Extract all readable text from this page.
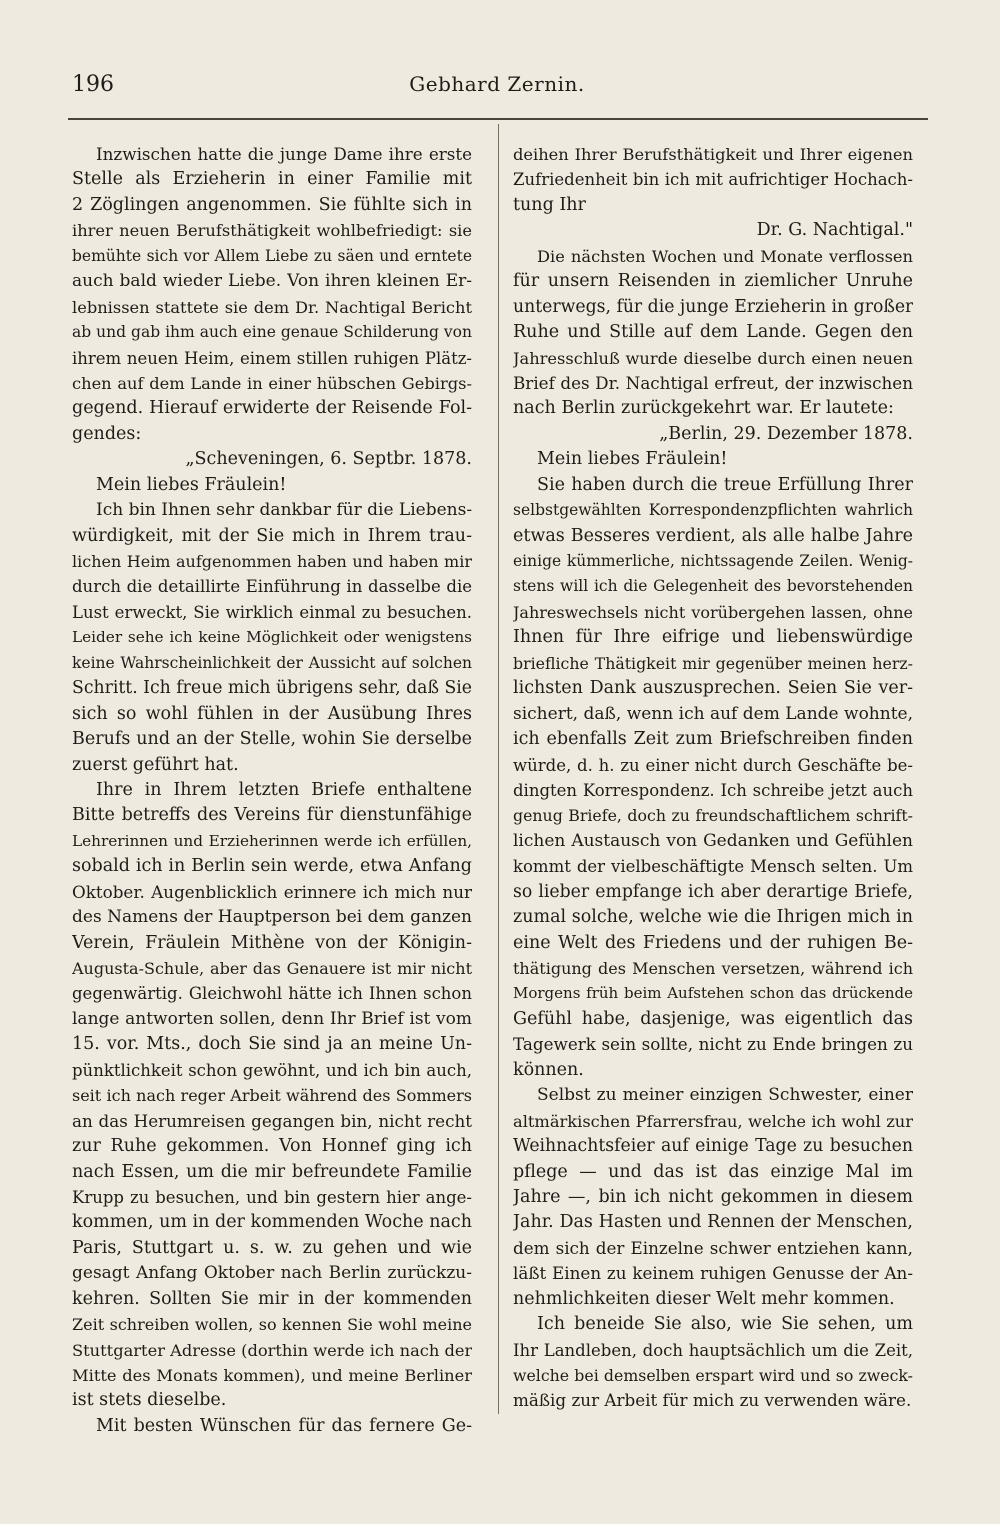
196	Gebhard Zernin.
Inzwischen hatte die junge Dame ihre erste
Stelle als Erzieherin in einer Familie mit
2 Zöglingen angenommen. Sie fühlte sich in
ihrer neuen Berufsthätigkeit wohlbefriedigt: sie
bemühte sich vor Allem Liebe zu säen und erntete
auch bald wieder Liebe. Von ihren kleinen Er-
lebnissen stattete sie dem Dr. Nachtigal Bericht
ab und gab ihm auch eine genaue Schilderung von
ihrem neuen Heim, einem stillen ruhigen Plätz-
chen auf dem Lande in einer hübschen Gebirgs-
gegend. Hierauf erwiderte der Reisende Fol-
gendes:
„Scheveningen, 6. Septbr. 1878.
Mein liebes Fräulein!
Ich bin Ihnen sehr dankbar für die Liebens-
würdigkeit, mit der Sie mich in Ihrem trau-
lichen Heim aufgenommen haben und haben mir
durch die detaillirte Einführung in dasselbe die
Lust erweckt, Sie wirklich einmal zu besuchen.
Leider sehe ich keine Möglichkeit oder wenigstens
keine Wahrscheinlichkeit der Aussicht auf solchen
Schritt. Ich freue mich übrigens sehr, daß Sie
sich so wohl fühlen in der Ausübung Ihres
Berufs und an der Stelle, wohin Sie derselbe
zuerst geführt hat.
Ihre in Ihrem letzten Briefe enthaltene
Bitte betreffs des Vereins für dienstunfähige
Lehrerinnen und Erzieherinnen werde ich erfüllen,
sobald ich in Berlin sein werde, etwa Anfang
Oktober. Augenblicklich erinnere ich mich nur
des Namens der Hauptperson bei dem ganzen
Verein, Fräulein Mithène von der Königin-
Augusta-Schule, aber das Genauere ist mir nicht
gegenwärtig. Gleichwohl hätte ich Ihnen schon
lange antworten sollen, denn Ihr Brief ist vom
15. vor. Mts., doch Sie sind ja an meine Un-
pünktlichkeit schon gewöhnt, und ich bin auch,
seit ich nach reger Arbeit während des Sommers
an das Herumreisen gegangen bin, nicht recht
zur Ruhe gekommen. Von Honnef ging ich
nach Essen, um die mir befreundete Familie
Krupp zu besuchen, und bin gestern hier ange-
kommen, um in der kommenden Woche nach
Paris, Stuttgart u. s. w. zu gehen und wie
gesagt Anfang Oktober nach Berlin zurückzu-
kehren. Sollten Sie mir in der kommenden
Zeit schreiben wollen, so kennen Sie wohl meine
Stuttgarter Adresse (dorthin werde ich nach der
Mitte des Monats kommen), und meine Berliner
ist stets dieselbe.
Mit besten Wünschen für das fernere Ge-
deihen Ihrer Berufsthätigkeit und Ihrer eigenen
Zufriedenheit bin ich mit aufrichtiger Hochach-
tung Ihr
Dr. G. Nachtigal."
Die nächsten Wochen und Monate verflossen
für unsern Reisenden in ziemlicher Unruhe
unterwegs, für die junge Erzieherin in großer
Ruhe und Stille auf dem Lande. Gegen den
Jahresschluß wurde dieselbe durch einen neuen
Brief des Dr. Nachtigal erfreut, der inzwischen
nach Berlin zurückgekehrt war. Er lautete:
„Berlin, 29. Dezember 1878.
Mein liebes Fräulein!
Sie haben durch die treue Erfüllung Ihrer
selbstgewählten Korrespondenzpflichten wahrlich
etwas Besseres verdient, als alle halbe Jahre
einige kümmerliche, nichtssagende Zeilen. Wenig-
stens will ich die Gelegenheit des bevorstehenden
Jahreswechsels nicht vorübergehen lassen, ohne
Ihnen für Ihre eifrige und liebenswürdige
briefliche Thätigkeit mir gegenüber meinen herz-
lichsten Dank auszusprechen. Seien Sie ver-
sichert, daß, wenn ich auf dem Lande wohnte,
ich ebenfalls Zeit zum Briefschreiben finden
würde, d. h. zu einer nicht durch Geschäfte be-
dingten Korrespondenz. Ich schreibe jetzt auch
genug Briefe, doch zu freundschaftlichem schrift-
lichen Austausch von Gedanken und Gefühlen
kommt der vielbeschäftigte Mensch selten. Um
so lieber empfange ich aber derartige Briefe,
zumal solche, welche wie die Ihrigen mich in
eine Welt des Friedens und der ruhigen Be-
thätigung des Menschen versetzen, während ich
Morgens früh beim Aufstehen schon das drückende
Gefühl habe, dasjenige, was eigentlich das
Tagewerk sein sollte, nicht zu Ende bringen zu
können.
Selbst zu meiner einzigen Schwester, einer
altmärkischen Pfarrersfrau, welche ich wohl zur
Weihnachtsfeier auf einige Tage zu besuchen
pflege — und das ist das einzige Mal im
Jahre —, bin ich nicht gekommen in diesem
Jahr. Das Hasten und Rennen der Menschen,
dem sich der Einzelne schwer entziehen kann,
läßt Einen zu keinem ruhigen Genusse der An-
nehmlichkeiten dieser Welt mehr kommen.
Ich beneide Sie also, wie Sie sehen, um
Ihr Landleben, doch hauptsächlich um die Zeit,
welche bei demselben erspart wird und so zweck-
mäßig zur Arbeit für mich zu verwenden wäre.
